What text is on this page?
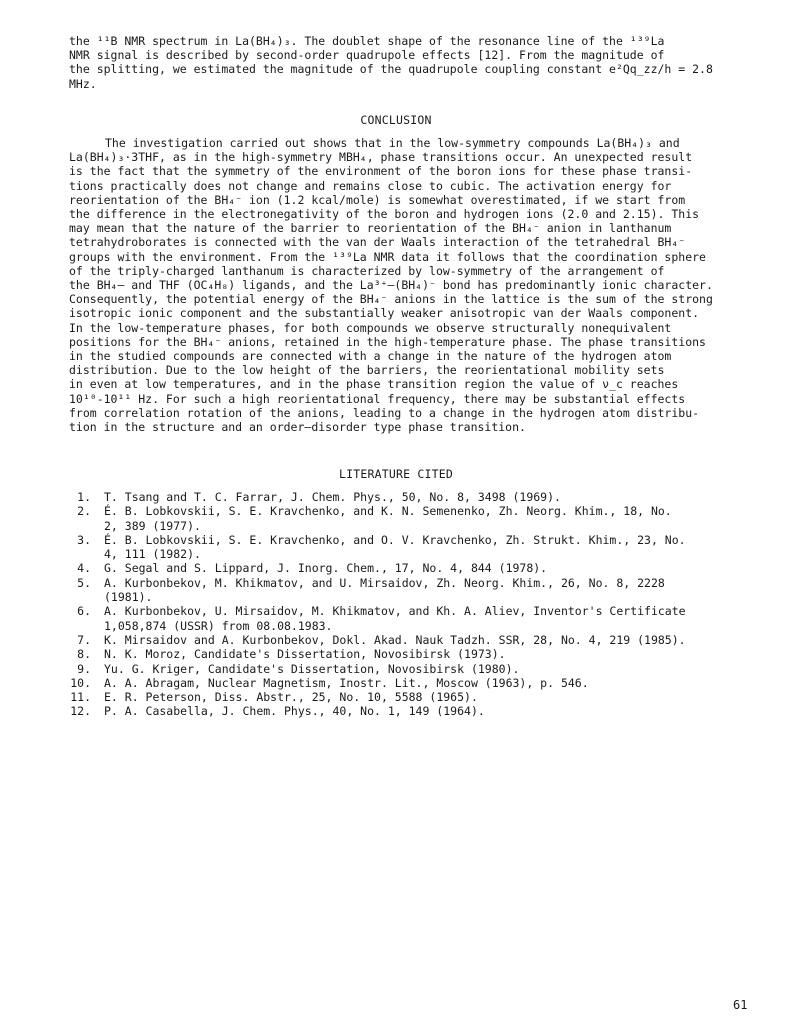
the ¹¹B NMR spectrum in La(BH₄)₃. The doublet shape of the resonance line of the ¹³⁹La
NMR signal is described by second-order quadrupole effects [12]. From the magnitude of
the splitting, we estimated the magnitude of the quadrupole coupling constant e²Qq_zz/h = 2.8
MHz.
CONCLUSION
The investigation carried out shows that in the low-symmetry compounds La(BH₄)₃ and
La(BH₄)₃·3THF, as in the high-symmetry MBH₄, phase transitions occur. An unexpected result
is the fact that the symmetry of the environment of the boron ions for these phase transi-
tions practically does not change and remains close to cubic. The activation energy for
reorientation of the BH₄⁻ ion (1.2 kcal/mole) is somewhat overestimated, if we start from
the difference in the electronegativity of the boron and hydrogen ions (2.0 and 2.15). This
may mean that the nature of the barrier to reorientation of the BH₄⁻ anion in lanthanum
tetrahydroborates is connected with the van der Waals interaction of the tetrahedral BH₄⁻
groups with the environment. From the ¹³⁹La NMR data it follows that the coordination sphere
of the triply-charged lanthanum is characterized by low-symmetry of the arrangement of
the BH₄— and THF (OC₄H₈) ligands, and the La³⁺—(BH₄)⁻ bond has predominantly ionic character.
Consequently, the potential energy of the BH₄⁻ anions in the lattice is the sum of the strong
isotropic ionic component and the substantially weaker anisotropic van der Waals component.
In the low-temperature phases, for both compounds we observe structurally nonequivalent
positions for the BH₄⁻ anions, retained in the high-temperature phase. The phase transitions
in the studied compounds are connected with a change in the nature of the hydrogen atom
distribution. Due to the low height of the barriers, the reorientational mobility sets
in even at low temperatures, and in the phase transition region the value of ν_c reaches
10¹⁰-10¹¹ Hz. For such a high reorientational frequency, there may be substantial effects
from correlation rotation of the anions, leading to a change in the hydrogen atom distribu-
tion in the structure and an order—disorder type phase transition.
LITERATURE CITED
1. T. Tsang and T. C. Farrar, J. Chem. Phys., 50, No. 8, 3498 (1969).
2. É. B. Lobkovskii, S. E. Kravchenko, and K. N. Semenenko, Zh. Neorg. Khim., 18, No.
2, 389 (1977).
3. É. B. Lobkovskii, S. E. Kravchenko, and O. V. Kravchenko, Zh. Strukt. Khim., 23, No.
4, 111 (1982).
4. G. Segal and S. Lippard, J. Inorg. Chem., 17, No. 4, 844 (1978).
5. A. Kurbonbekov, M. Khikmatov, and U. Mirsaidov, Zh. Neorg. Khim., 26, No. 8, 2228
(1981).
6. A. Kurbonbekov, U. Mirsaidov, M. Khikmatov, and Kh. A. Aliev, Inventor's Certificate
1,058,874 (USSR) from 08.08.1983.
7. K. Mirsaidov and A. Kurbonbekov, Dokl. Akad. Nauk Tadzh. SSR, 28, No. 4, 219 (1985).
8. N. K. Moroz, Candidate's Dissertation, Novosibirsk (1973).
9. Yu. G. Kriger, Candidate's Dissertation, Novosibirsk (1980).
10. A. A. Abragam, Nuclear Magnetism, Inostr. Lit., Moscow (1963), p. 546.
11. E. R. Peterson, Diss. Abstr., 25, No. 10, 5588 (1965).
12. P. A. Casabella, J. Chem. Phys., 40, No. 1, 149 (1964).
61
